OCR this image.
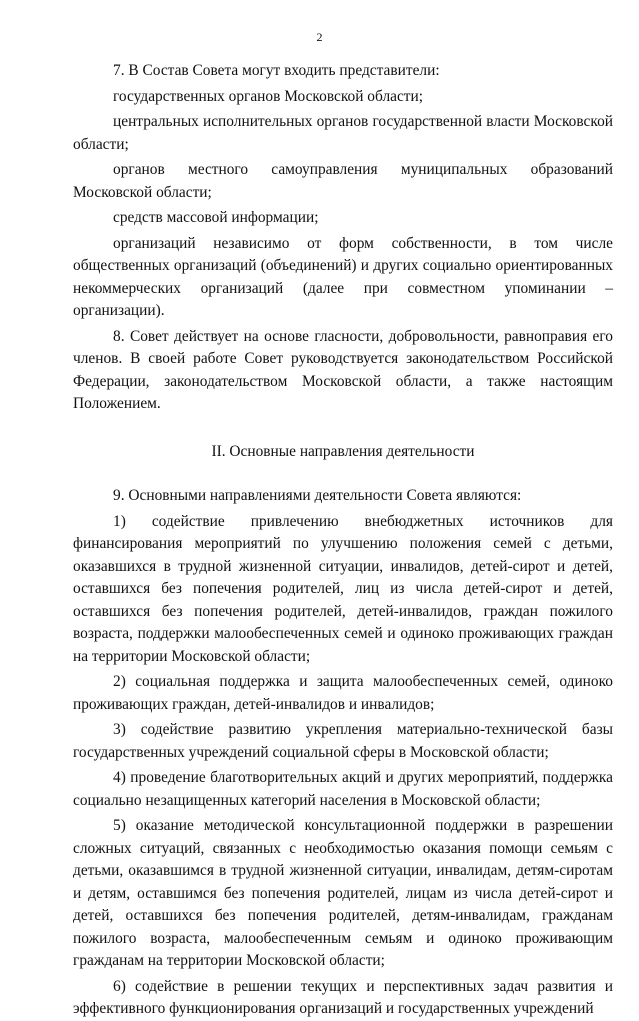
2

7. В Состав Совета могут входить представители:

государственных органов Московской области;

центральных исполнительных органов государственной власти Московской области;

органов местного самоуправления муниципальных образований Московской области;

средств массовой информации;

организаций независимо от форм собственности, в том числе общественных организаций (объединений) и других социально ориентированных некоммерческих организаций (далее при совместном упоминании – организации).

8. Совет действует на основе гласности, добровольности, равноправия его членов. В своей работе Совет руководствуется законодательством Российской Федерации, законодательством Московской области, а также настоящим Положением.

II. Основные направления деятельности

9. Основными направлениями деятельности Совета являются:

1) содействие привлечению внебюджетных источников для финансирования мероприятий по улучшению положения семей с детьми, оказавшихся в трудной жизненной ситуации, инвалидов, детей-сирот и детей, оставшихся без попечения родителей, лиц из числа детей-сирот и детей, оставшихся без попечения родителей, детей-инвалидов, граждан пожилого возраста, поддержки малообеспеченных семей и одиноко проживающих граждан на территории Московской области;

2) социальная поддержка и защита малообеспеченных семей, одиноко проживающих граждан, детей-инвалидов и инвалидов;

3) содействие развитию укрепления материально-технической базы государственных учреждений социальной сферы в Московской области;

4) проведение благотворительных акций и других мероприятий, поддержка социально незащищенных категорий населения в Московской области;

5) оказание методической консультационной поддержки в разрешении сложных ситуаций, связанных с необходимостью оказания помощи семьям с детьми, оказавшимся в трудной жизненной ситуации, инвалидам, детям-сиротам и детям, оставшимся без попечения родителей, лицам из числа детей-сирот и детей, оставшихся без попечения родителей, детям-инвалидам, гражданам пожилого возраста, малообеспеченным семьям и одиноко проживающим гражданам на территории Московской области;

6) содействие в решении текущих и перспективных задач развития и эффективного функционирования организаций и государственных учреждений
